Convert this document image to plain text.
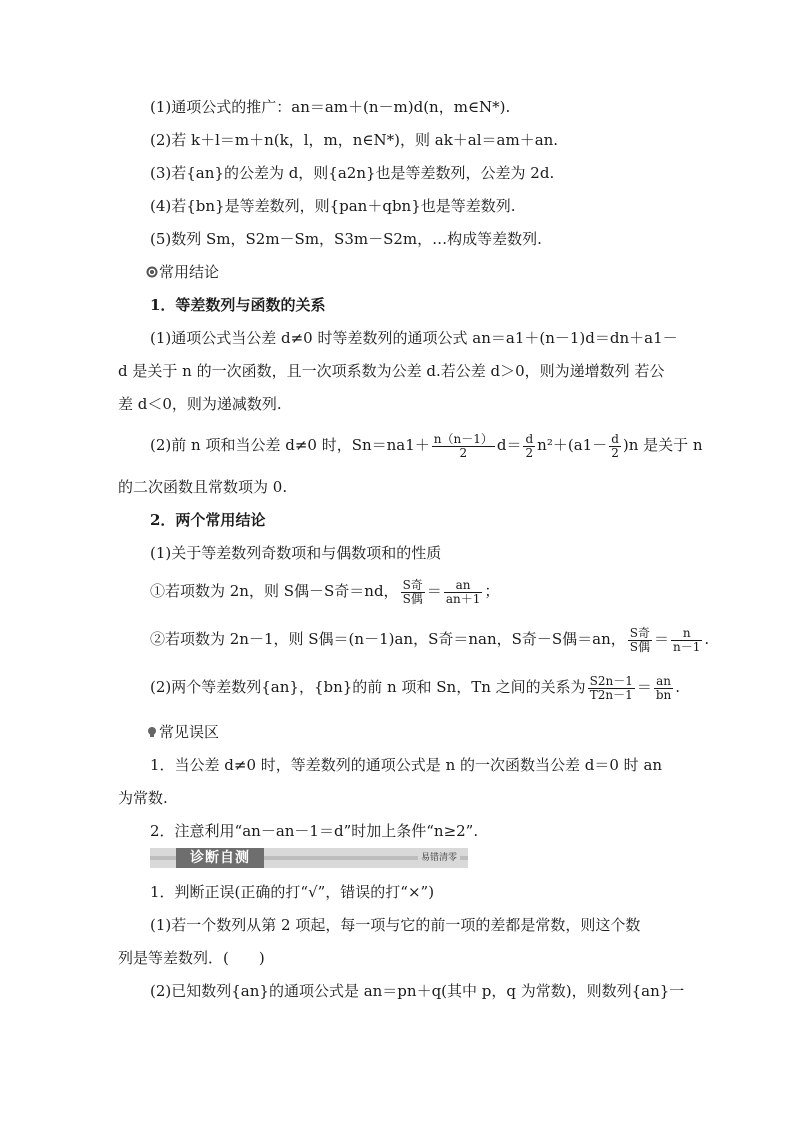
(1)通项公式的推广：an＝am＋(n－m)d(n，m∈N*).
(2)若 k＋l＝m＋n(k，l，m，n∈N*)，则 ak＋al＝am＋an.
(3)若{an}的公差为 d，则{a2n}也是等差数列，公差为 2d.
(4)若{bn}是等差数列，则{pan＋qbn}也是等差数列.
(5)数列 Sm，S2m－Sm，S3m－S2m，…构成等差数列.
常用结论
1．等差数列与函数的关系
(1)通项公式当公差 d≠0 时等差数列的通项公式 an＝a1＋(n－1)d＝dn＋a1－
d 是关于 n 的一次函数，且一次项系数为公差 d.若公差 d＞0，则为递增数列 若公
差 d＜0，则为递减数列.
(2)前 n 项和当公差 d≠0 时，$Sn=na1+ \frac{n(n-1)}{2} d= \frac{d}{2} n^2+(a1- \frac{d}{2} )n$ 是关于 n
的二次函数且常数项为 0.
2．两个常用结论
(1)关于等差数列奇数项和与偶数项和的性质
①若项数为 2n，则 S偶－S奇＝nd， $\frac{\text{S奇}}{\text{S偶}} = \frac{an}{an+1}$ ；
②若项数为 2n－1，则 S偶＝(n－1)an，S奇＝nan，S奇－S偶＝an， $\frac{\text{S奇}}{\text{S偶}} = \frac{n}{n-1}$ .
(2)两个等差数列{an}，{bn}的前 n 项和 Sn，Tn 之间的关系为 $\frac{S2n-1}{T2n-1} = \frac{an}{bn}$ .
常见误区
1．当公差 d≠0 时，等差数列的通项公式是 n 的一次函数当公差 d＝0 时 an
为常数.
2．注意利用“an－an－1＝d”时加上条件“n≥2”.
诊断自测	易错清零
1．判断正误(正确的打“√”，错误的打“×”)
(1)若一个数列从第 2 项起，每一项与它的前一项的差都是常数，则这个数
列是等差数列．(　　)
(2)已知数列{an}的通项公式是 an＝pn＋q(其中 p，q 为常数)，则数列{an}一
